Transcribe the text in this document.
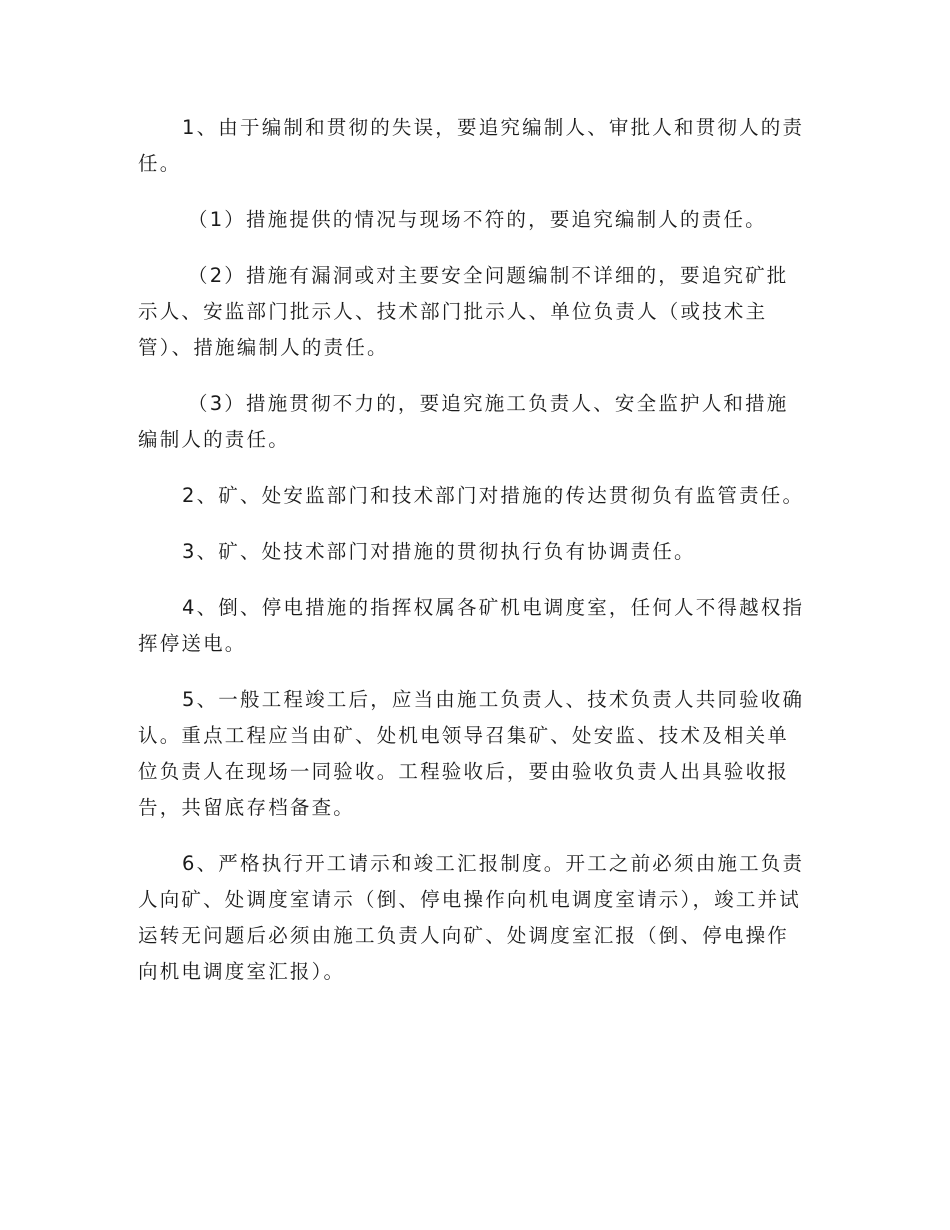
1、由于编制和贯彻的失误，要追究编制人、审批人和贯彻人的责任。

（1）措施提供的情况与现场不符的，要追究编制人的责任。

（2）措施有漏洞或对主要安全问题编制不详细的，要追究矿批示人、安监部门批示人、技术部门批示人、单位负责人（或技术主管）、措施编制人的责任。

（3）措施贯彻不力的，要追究施工负责人、安全监护人和措施编制人的责任。

2、矿、处安监部门和技术部门对措施的传达贯彻负有监管责任。

3、矿、处技术部门对措施的贯彻执行负有协调责任。

4、倒、停电措施的指挥权属各矿机电调度室，任何人不得越权指挥停送电。

5、一般工程竣工后，应当由施工负责人、技术负责人共同验收确认。重点工程应当由矿、处机电领导召集矿、处安监、技术及相关单位负责人在现场一同验收。工程验收后，要由验收负责人出具验收报告，共留底存档备查。

6、严格执行开工请示和竣工汇报制度。开工之前必须由施工负责人向矿、处调度室请示（倒、停电操作向机电调度室请示），竣工并试运转无问题后必须由施工负责人向矿、处调度室汇报（倒、停电操作向机电调度室汇报）。
